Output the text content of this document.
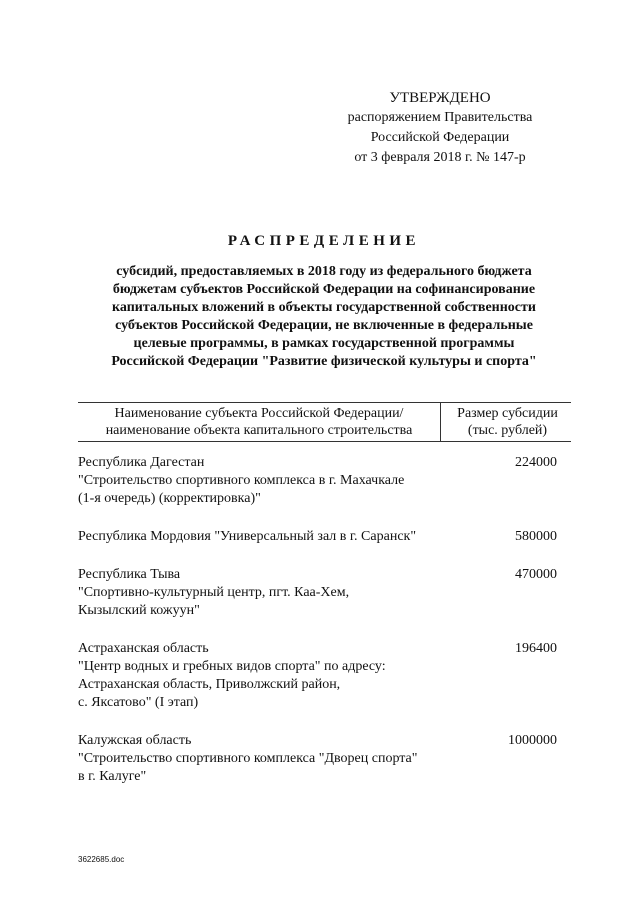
УТВЕРЖДЕНО
распоряжением Правительства
Российской Федерации
от 3 февраля 2018 г. № 147-р
РАСПРЕДЕЛЕНИЕ
субсидий, предоставляемых в 2018 году из федерального бюджета
бюджетам субъектов Российской Федерации на софинансирование
капитальных вложений в объекты государственной собственности
субъектов Российской Федерации, не включенные в федеральные
целевые программы, в рамках государственной программы
Российской Федерации "Развитие физической культуры и спорта"
Наименование субъекта Российской Федерации/
наименование объекта капитального строительства
Размер субсидии
(тыс. рублей)
Республика Дагестан
"Строительство спортивного комплекса в г. Махачкале
(1-я очередь) (корректировка)"
224000
Республика Мордовия "Универсальный зал в г. Саранск"	580000
Республика Тыва
"Спортивно-культурный центр, пгт. Каа-Хем,
Кызылский кожуун"
470000
Астраханская область
"Центр водных и гребных видов спорта" по адресу:
Астраханская область, Приволжский район,
с. Яксатово" (I этап)
196400
Калужская область
"Строительство спортивного комплекса "Дворец спорта"
в г. Калуге"
1000000
3622685.doc
